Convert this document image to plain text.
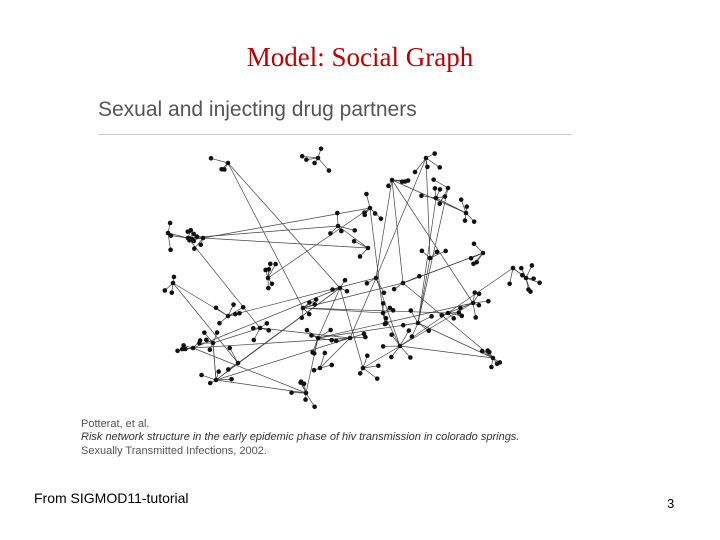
Model: Social Graph
Sexual and injecting drug partners
Potterat, et al.
Risk network structure in the early epidemic phase of hiv transmission in colorado springs.
Sexually Transmitted Infections, 2002.
From SIGMOD11-tutorial	3
